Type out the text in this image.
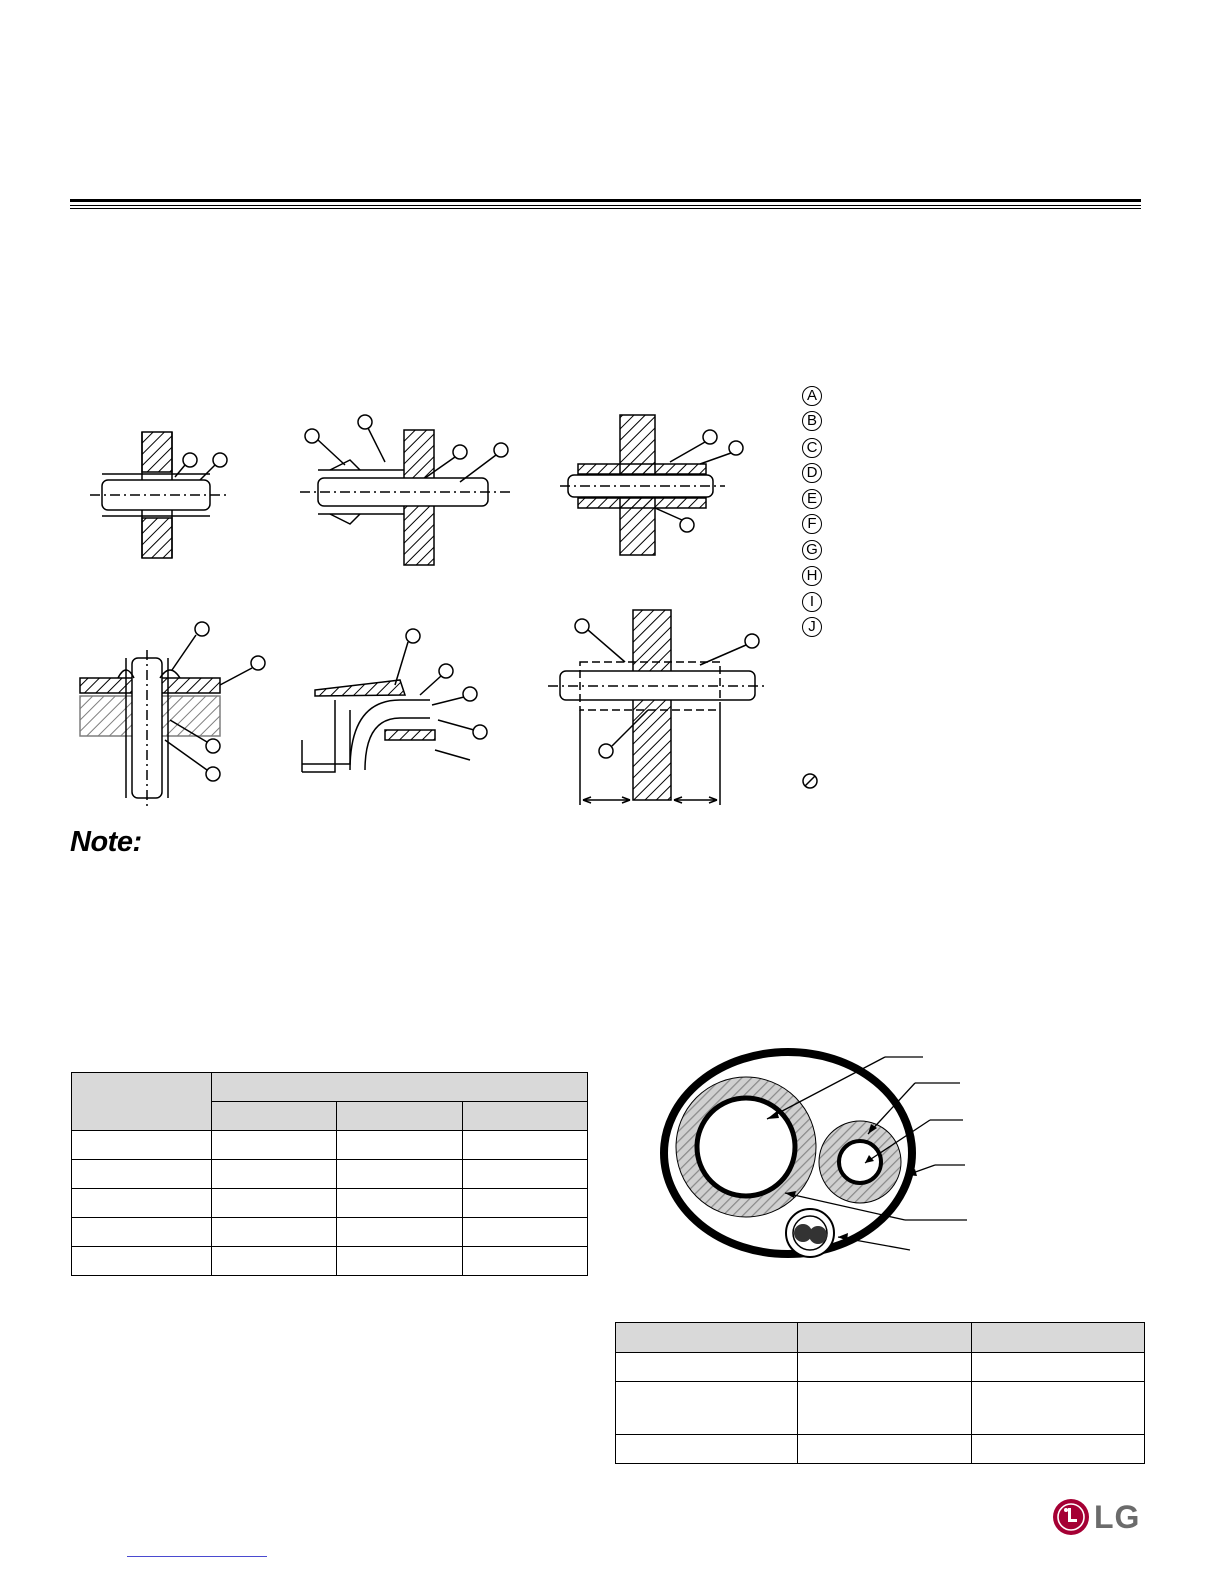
A
B
C
D
E
F
G
H
I
J
Note:

LG
